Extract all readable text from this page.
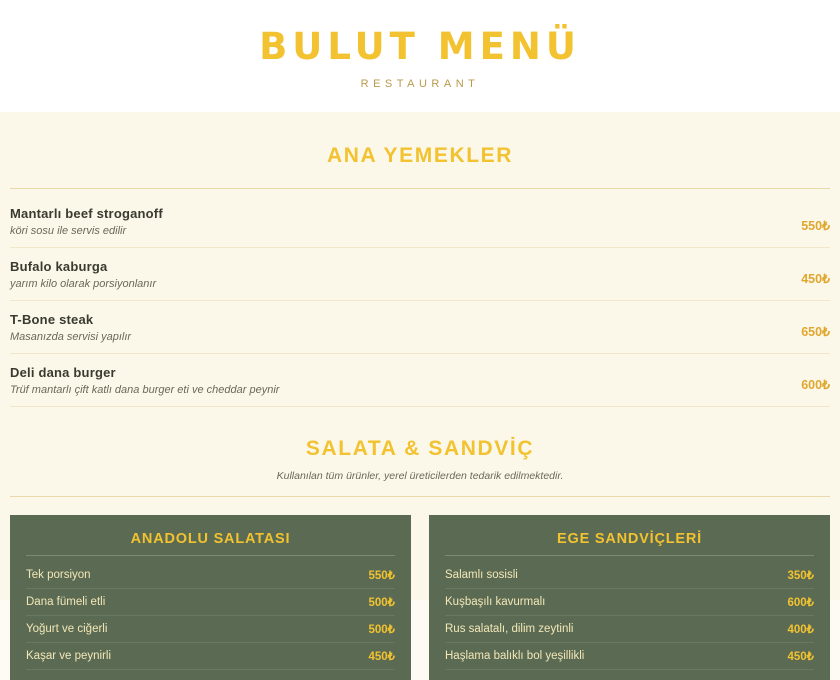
BULUT MENÜ
RESTAURANT
ANA YEMEKLER
Mantarlı beef stroganoff
köri sosu ile servis edilir	550₺
Bufalo kaburga
yarım kilo olarak porsiyonlanır	450₺
T-Bone steak
Masanızda servisi yapılır	650₺
Deli dana burger
Trüf mantarlı çift katlı dana burger eti ve cheddar peynir	600₺
SALATA & SANDVİÇ
Kullanılan tüm ürünler, yerel üreticilerden tedarik edilmektedir.
ANADOLU SALATASI
Tek porsiyon	550₺
Dana fümeli etli	500₺
Yoğurt ve ciğerli	500₺
Kaşar ve peynirli	450₺
EGE SANDVİÇLERİ
Salamlı sosisli	350₺
Kuşbaşılı kavurmalı	600₺
Rus salatalı, dilim zeytinli	400₺
Haşlama balıklı bol yeşillikli	450₺
